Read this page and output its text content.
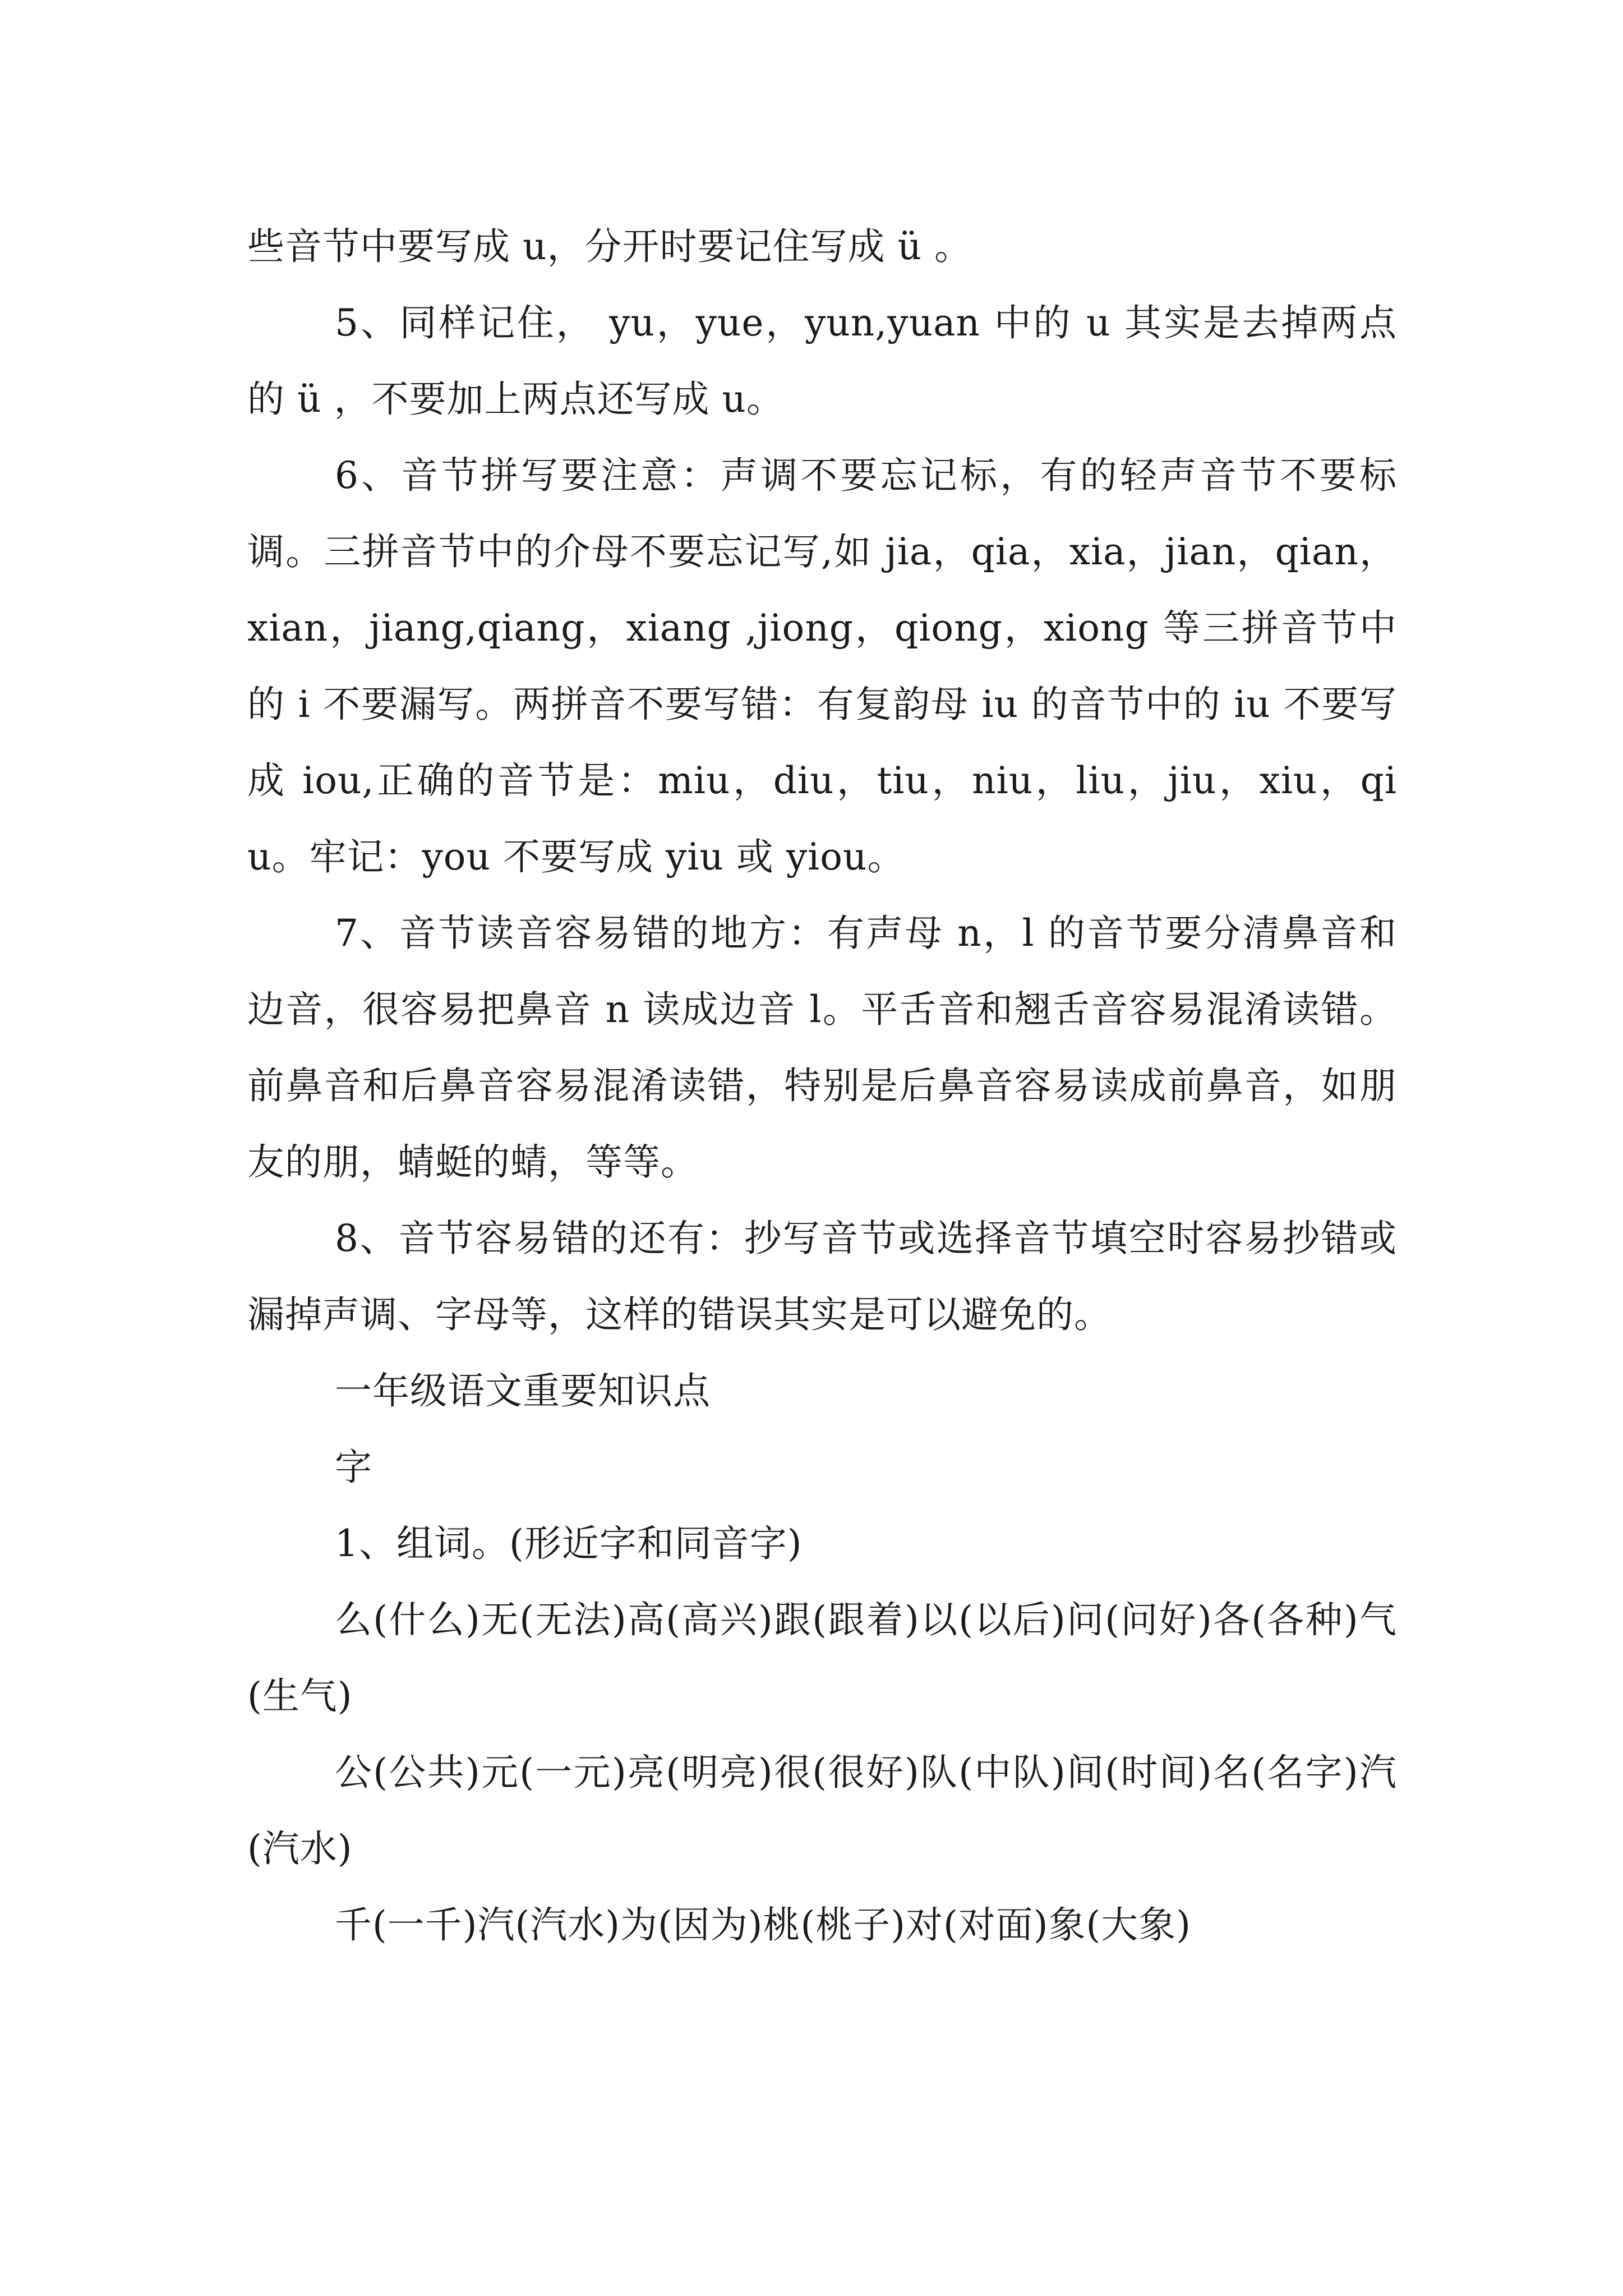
些音节中要写成 u，分开时要记住写成 ü 。

5、同样记住， yu，yue，yun,yuan 中的 u 其实是去掉两点的 ü ，不要加上两点还写成 u。

6、音节拼写要注意：声调不要忘记标，有的轻声音节不要标调。三拼音节中的介母不要忘记写,如 jia，qia，xia，jian，qian，xian，jiang,qiang，xiang ,jiong，qiong，xiong 等三拼音节中的 i 不要漏写。两拼音不要写错：有复韵母 iu 的音节中的 iu 不要写成 iou,正确的音节是：miu，diu，tiu，niu，liu，jiu，xiu，qiu。牢记：you 不要写成 yiu 或 yiou。

7、音节读音容易错的地方：有声母 n，l 的音节要分清鼻音和边音，很容易把鼻音 n 读成边音 l。平舌音和翘舌音容易混淆读错。前鼻音和后鼻音容易混淆读错，特别是后鼻音容易读成前鼻音，如朋友的朋，蜻蜓的蜻，等等。

8、音节容易错的还有：抄写音节或选择音节填空时容易抄错或漏掉声调、字母等，这样的错误其实是可以避免的。

一年级语文重要知识点

字

1、组词。(形近字和同音字)

么(什么)无(无法)高(高兴)跟(跟着)以(以后)问(问好)各(各种)气(生气)

公(公共)元(一元)亮(明亮)很(很好)队(中队)间(时间)名(名字)汽(汽水)

千(一千)汽(汽水)为(因为)桃(桃子)对(对面)象(大象)
